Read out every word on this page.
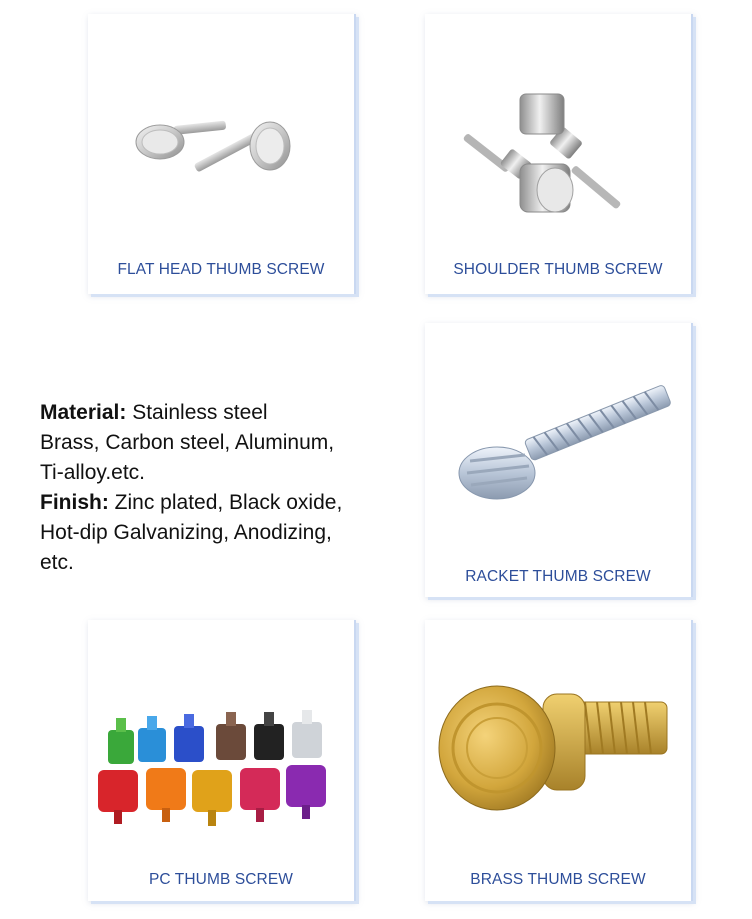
FLAT HEAD THUMB SCREW	SHOULDER THUMB SCREW
Material: Stainless steel
Brass, Carbon steel, Aluminum,
Ti-alloy.etc.
Finish: Zinc plated, Black oxide,
Hot-dip Galvanizing, Anodizing,
etc.
RACKET THUMB SCREW
PC THUMB SCREW	BRASS THUMB SCREW
